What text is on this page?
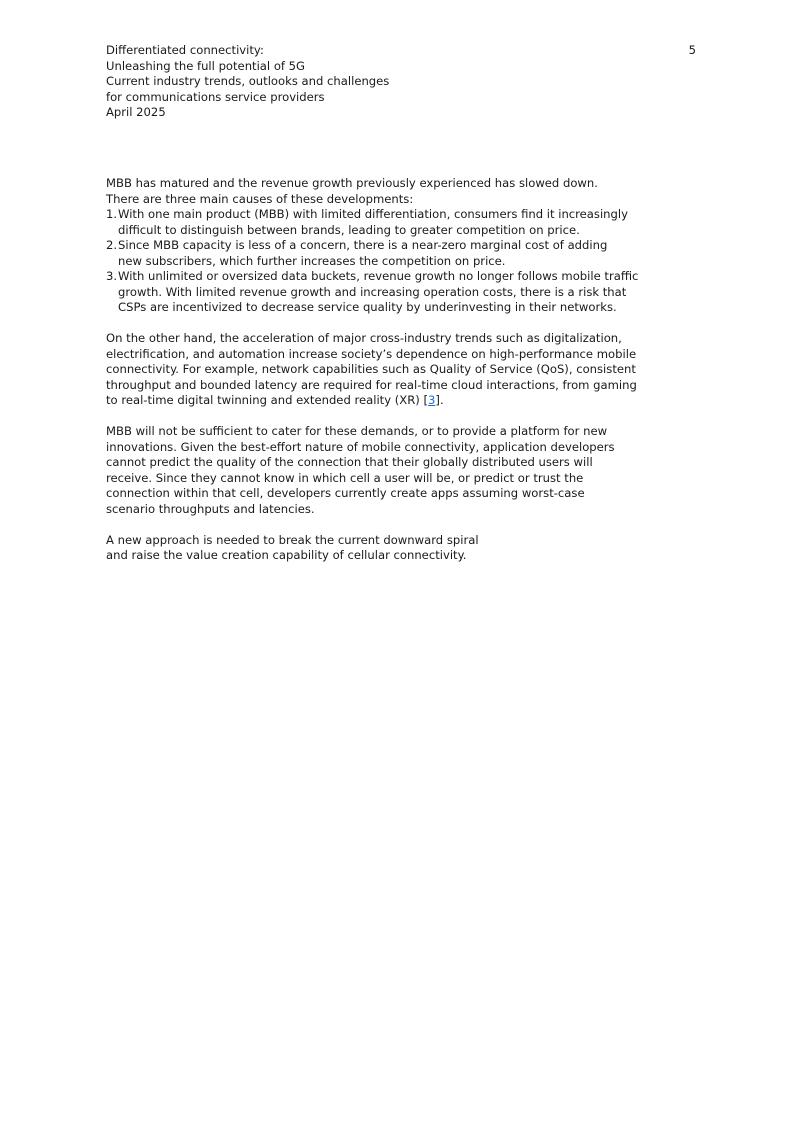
Differentiated connectivity:
Unleashing the full potential of 5G
Current industry trends, outlooks and challenges
for communications service providers
April 2025
5
MBB has matured and the revenue growth previously experienced has slowed down.
There are three main causes of these developments:
1. With one main product (MBB) with limited differentiation, consumers find it increasingly
difficult to distinguish between brands, leading to greater competition on price.
2. Since MBB capacity is less of a concern, there is a near-zero marginal cost of adding
new subscribers, which further increases the competition on price.
3. With unlimited or oversized data buckets, revenue growth no longer follows mobile traffic
growth. With limited revenue growth and increasing operation costs, there is a risk that
CSPs are incentivized to decrease service quality by underinvesting in their networks.
On the other hand, the acceleration of major cross-industry trends such as digitalization,
electrification, and automation increase society’s dependence on high-performance mobile
connectivity. For example, network capabilities such as Quality of Service (QoS), consistent
throughput and bounded latency are required for real-time cloud interactions, from gaming
to real-time digital twinning and extended reality (XR) [3].
MBB will not be sufficient to cater for these demands, or to provide a platform for new
innovations. Given the best-effort nature of mobile connectivity, application developers
cannot predict the quality of the connection that their globally distributed users will
receive. Since they cannot know in which cell a user will be, or predict or trust the
connection within that cell, developers currently create apps assuming worst-case
scenario throughputs and latencies.
A new approach is needed to break the current downward spiral
and raise the value creation capability of cellular connectivity.
